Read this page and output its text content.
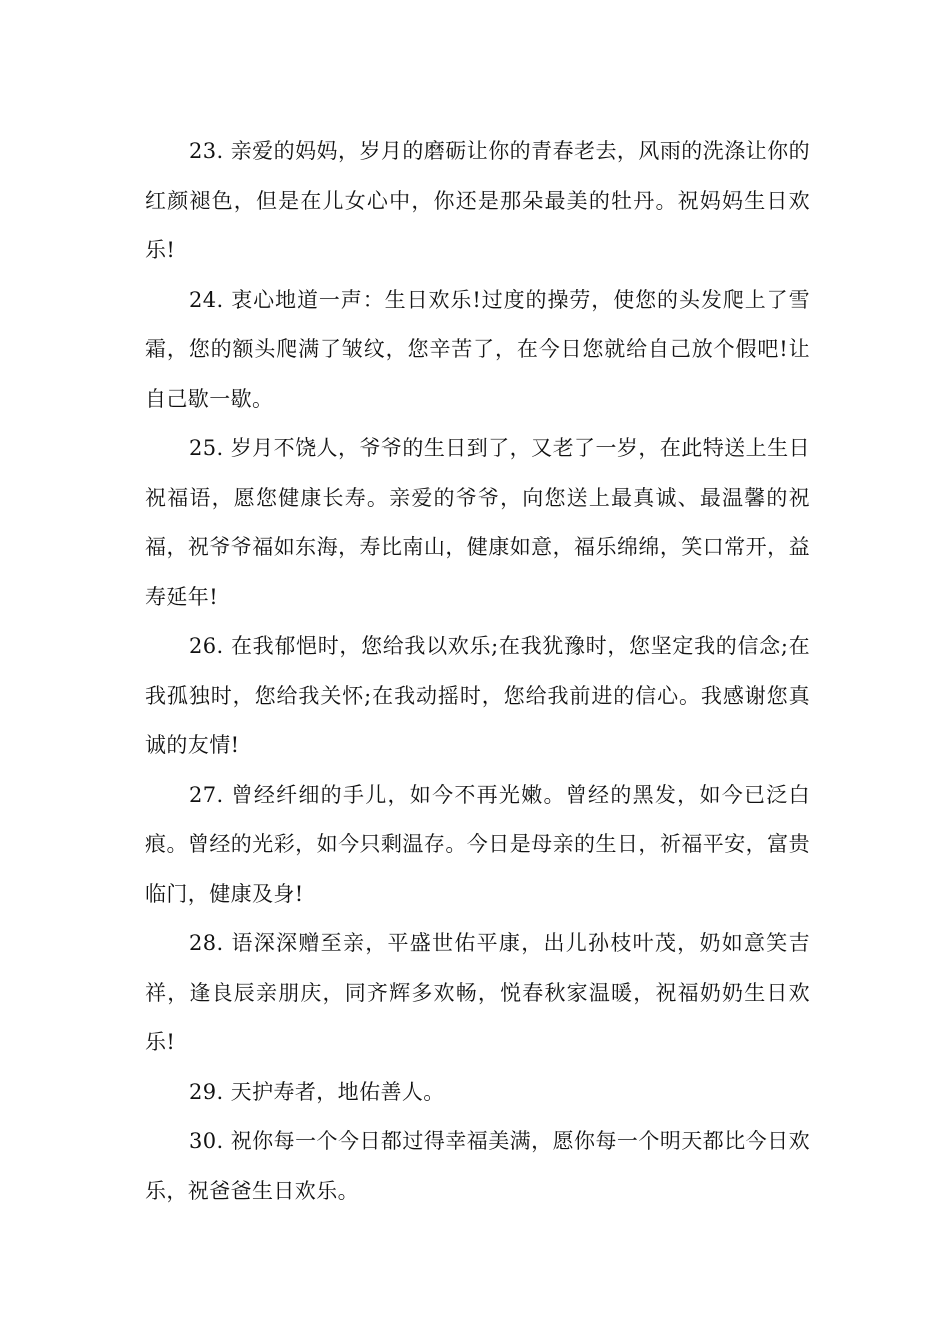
23. 亲爱的妈妈，岁月的磨砺让你的青春老去，风雨的洗涤让你的红颜褪色，但是在儿女心中，你还是那朵最美的牡丹。祝妈妈生日欢乐!

24. 衷心地道一声：生日欢乐!过度的操劳，使您的头发爬上了雪霜，您的额头爬满了皱纹，您辛苦了，在今日您就给自己放个假吧!让自己歇一歇。

25. 岁月不饶人，爷爷的生日到了，又老了一岁，在此特送上生日祝福语，愿您健康长寿。亲爱的爷爷，向您送上最真诚、最温馨的祝福，祝爷爷福如东海，寿比南山，健康如意，福乐绵绵，笑口常开，益寿延年!

26. 在我郁悒时，您给我以欢乐;在我犹豫时，您坚定我的信念;在我孤独时，您给我关怀;在我动摇时，您给我前进的信心。我感谢您真诚的友情!

27. 曾经纤细的手儿，如今不再光嫩。曾经的黑发，如今已泛白痕。曾经的光彩，如今只剩温存。今日是母亲的生日，祈福平安，富贵临门，健康及身!

28. 语深深赠至亲，平盛世佑平康，出儿孙枝叶茂，奶如意笑吉祥，逢良辰亲朋庆，同齐辉多欢畅，悦春秋家温暖，祝福奶奶生日欢乐!

29. 天护寿者，地佑善人。

30. 祝你每一个今日都过得幸福美满，愿你每一个明天都比今日欢乐，祝爸爸生日欢乐。
